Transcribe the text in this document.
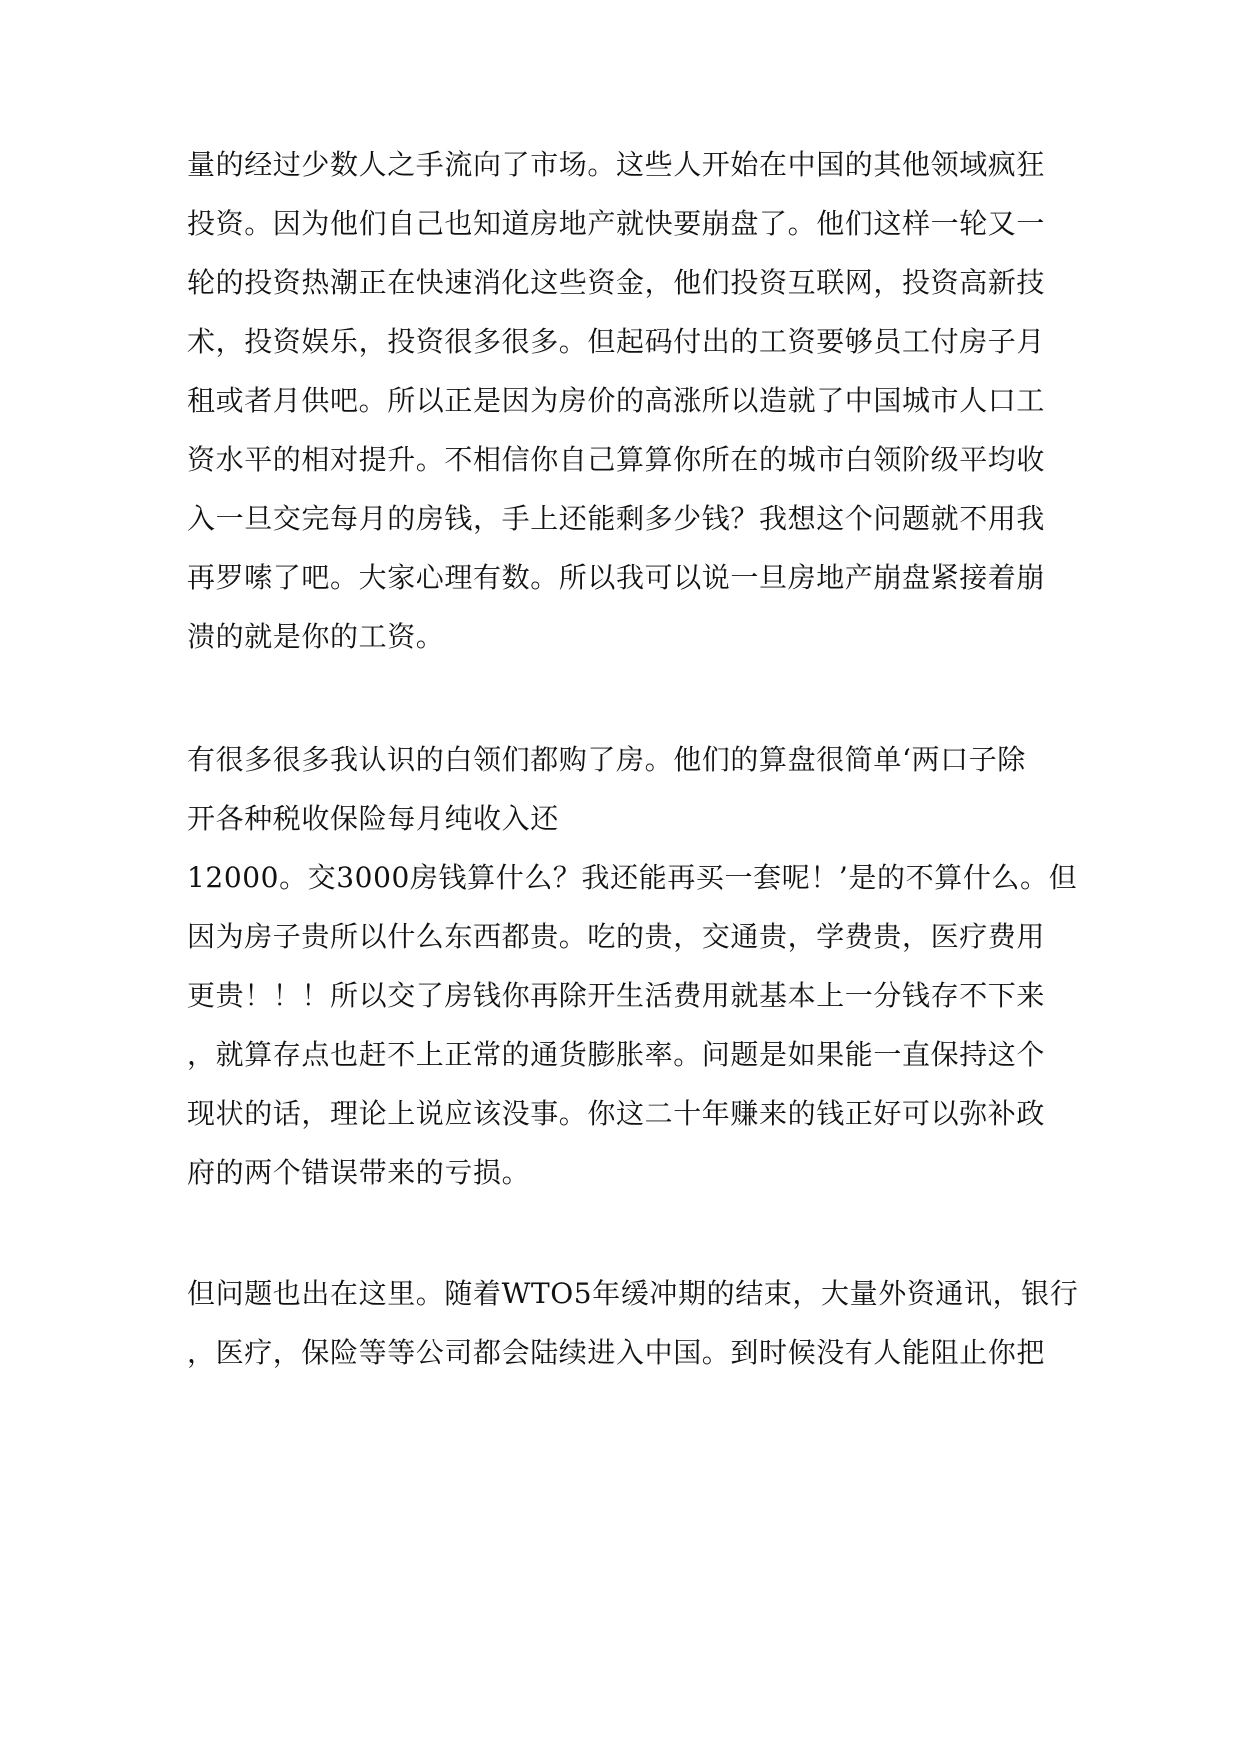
量的经过少数人之手流向了市场。这些人开始在中国的其他领域疯狂
投资。因为他们自己也知道房地产就快要崩盘了。他们这样一轮又一
轮的投资热潮正在快速消化这些资金，他们投资互联网，投资高新技
术，投资娱乐，投资很多很多。但起码付出的工资要够员工付房子月
租或者月供吧。所以正是因为房价的高涨所以造就了中国城市人口工
资水平的相对提升。不相信你自己算算你所在的城市白领阶级平均收
入一旦交完每月的房钱，手上还能剩多少钱？我想这个问题就不用我
再罗嗦了吧。大家心理有数。所以我可以说一旦房地产崩盘紧接着崩
溃的就是你的工资。
有很多很多我认识的白领们都购了房。他们的算盘很简单‘两口子除
开各种税收保险每月纯收入还
12000。交3000房钱算什么？我还能再买一套呢！’是的不算什么。但
因为房子贵所以什么东西都贵。吃的贵，交通贵，学费贵，医疗费用
更贵！！！所以交了房钱你再除开生活费用就基本上一分钱存不下来
，就算存点也赶不上正常的通货膨胀率。问题是如果能一直保持这个
现状的话，理论上说应该没事。你这二十年赚来的钱正好可以弥补政
府的两个错误带来的亏损。
但问题也出在这里。随着WTO5年缓冲期的结束，大量外资通讯，银行
，医疗，保险等等公司都会陆续进入中国。到时候没有人能阻止你把
